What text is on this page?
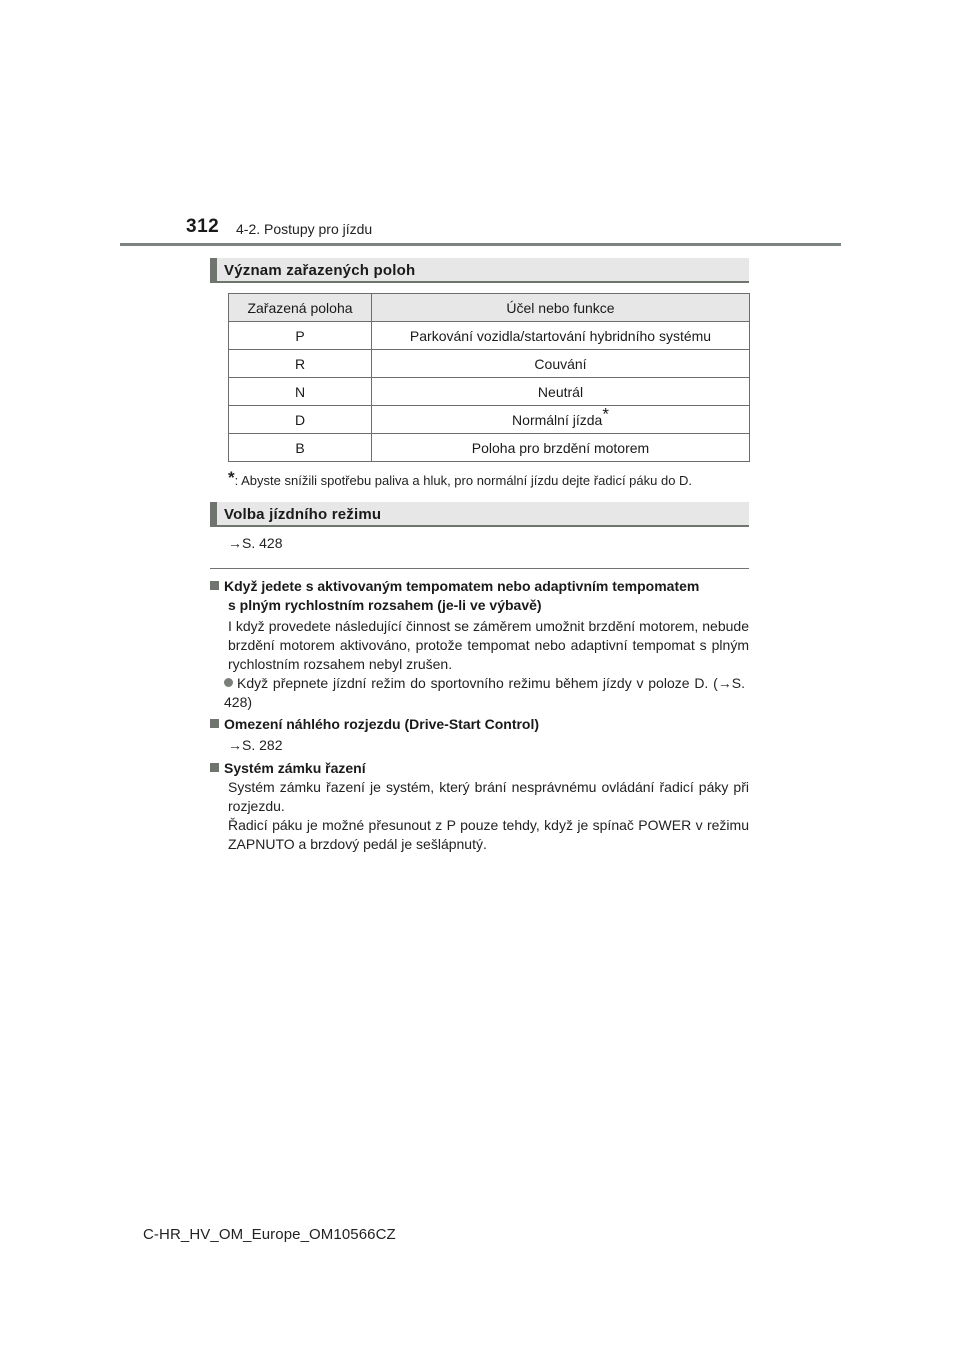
312 4-2. Postupy pro jízdu
Význam zařazených poloh
Zařazená poloha	Účel nebo funkce
P	Parkování vozidla/startování hybridního systému
R	Couvání
N	Neutrál
D	Normální jízda*
B	Poloha pro brzdění motorem
*: Abyste snížili spotřebu paliva a hluk, pro normální jízdu dejte řadicí páku do D.
Volba jízdního režimu
→S. 428
Když jedete s aktivovaným tempomatem nebo adaptivním tempomatem
s plným rychlostním rozsahem (je-li ve výbavě)
I když provedete následující činnost se záměrem umožnit brzdění motorem, nebude brzdění motorem aktivováno, protože tempomat nebo adaptivní tempomat s plným rychlostním rozsahem nebyl zrušen.
Když přepnete jízdní režim do sportovního režimu během jízdy v poloze D. (→S. 428)
Omezení náhlého rozjezdu (Drive-Start Control)
→S. 282
Systém zámku řazení
Systém zámku řazení je systém, který brání nesprávnému ovládání řadicí páky při rozjezdu.
Řadicí páku je možné přesunout z P pouze tehdy, když je spínač POWER v režimu ZAPNUTO a brzdový pedál je sešlápnutý.
C-HR_HV_OM_Europe_OM10566CZ
